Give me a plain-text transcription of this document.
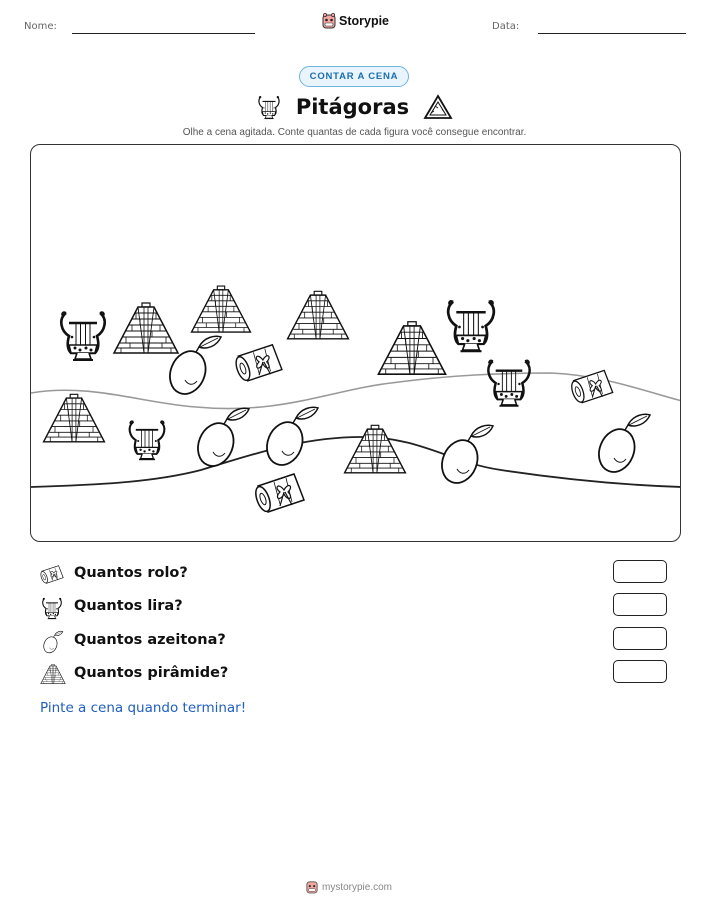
Nome:	Storypie	Data:
CONTAR A CENA
Pitágoras
Olhe a cena agitada. Conte quantas de cada figura você consegue encontrar.
Quantos rolo?
Quantos lira?
Quantos azeitona?
Quantos pirâmide?
Pinte a cena quando terminar!
mystorypie.com
